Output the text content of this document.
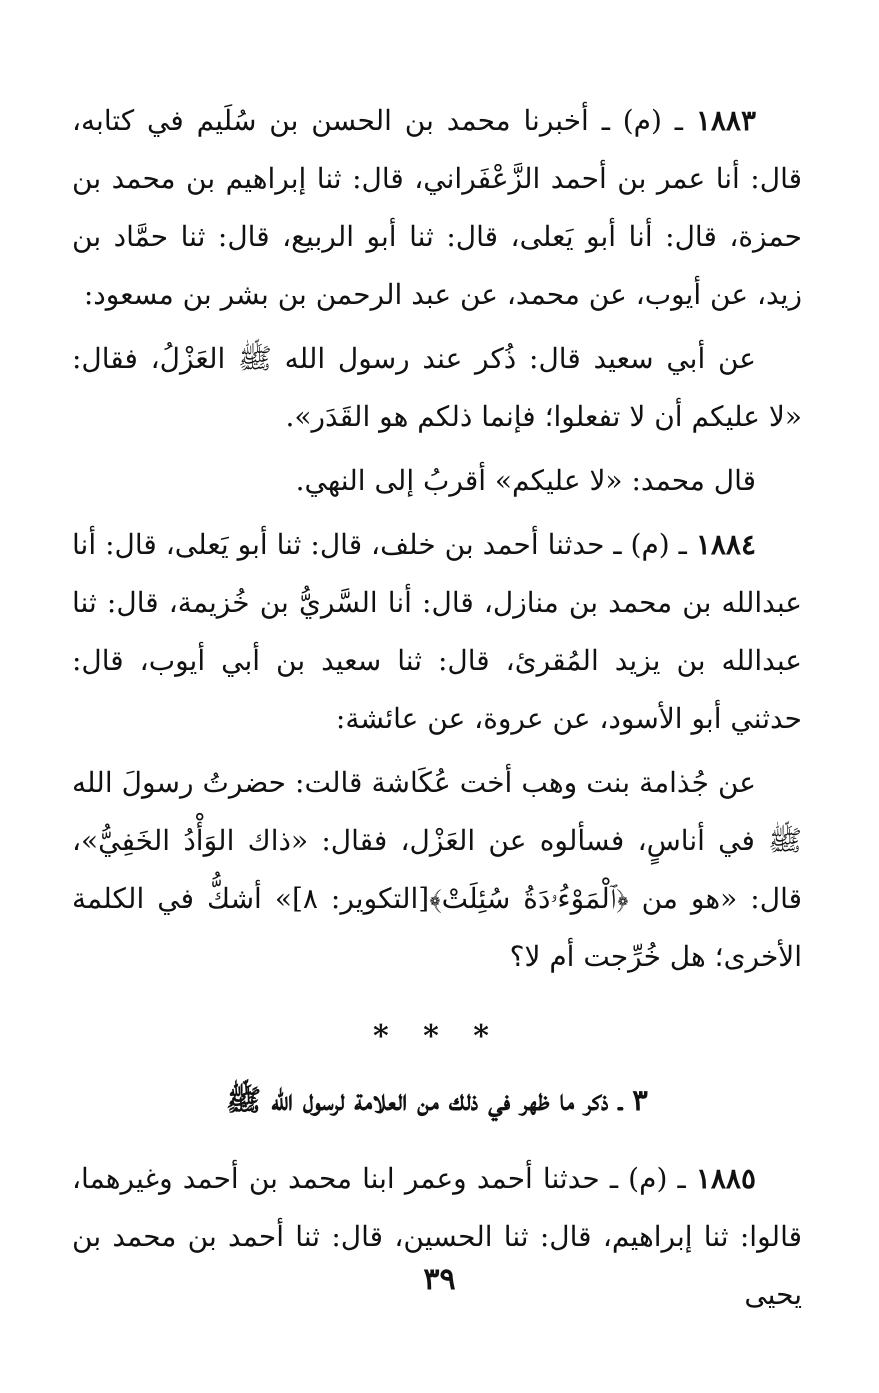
١٨٨٣ ـ (م) ـ أخبرنا محمد بن الحسن بن سُلَيم في كتابه، قال: أنا عمر بن أحمد الزَّعْفَراني، قال: ثنا إبراهيم بن محمد بن حمزة، قال: أنا أبو يَعلى، قال: ثنا أبو الربيع، قال: ثنا حمَّاد بن زيد، عن أيوب، عن محمد، عن عبد الرحمن بن بشر بن مسعود:

عن أبي سعيد قال: ذُكر عند رسول الله ﷺ العَزْلُ، فقال: «لا عليكم أن لا تفعلوا؛ فإنما ذلكم هو القَدَر».

قال محمد: «لا عليكم» أقربُ إلى النهي.

١٨٨٤ ـ (م) ـ حدثنا أحمد بن خلف، قال: ثنا أبو يَعلى، قال: أنا عبدالله بن محمد بن منازل، قال: أنا السَّريُّ بن خُزيمة، قال: ثنا عبدالله بن يزيد المُقرئ، قال: ثنا سعيد بن أبي أيوب، قال: حدثني أبو الأسود، عن عروة، عن عائشة:

عن جُذامة بنت وهب أخت عُكَاشة قالت: حضرتُ رسولَ الله ﷺ في أناسٍ، فسألوه عن العَزْل، فقال: «ذاك الوَأْدُ الخَفِيُّ»، قال: «هو من ﴿ٱلْمَوْءُۥدَةُ سُئِلَتْ﴾[التكوير: ٨]» أشكُّ في الكلمة الأخرى؛ هل خُرِّجت أم لا؟

* * *
٣ ـ ذكر ما ظهر في ذلك من العلامة لرسول الله ﷺ

١٨٨٥ ـ (م) ـ حدثنا أحمد وعمر ابنا محمد بن أحمد وغيرهما، قالوا: ثنا إبراهيم، قال: ثنا الحسين، قال: ثنا أحمد بن محمد بن يحيى

٣٩
